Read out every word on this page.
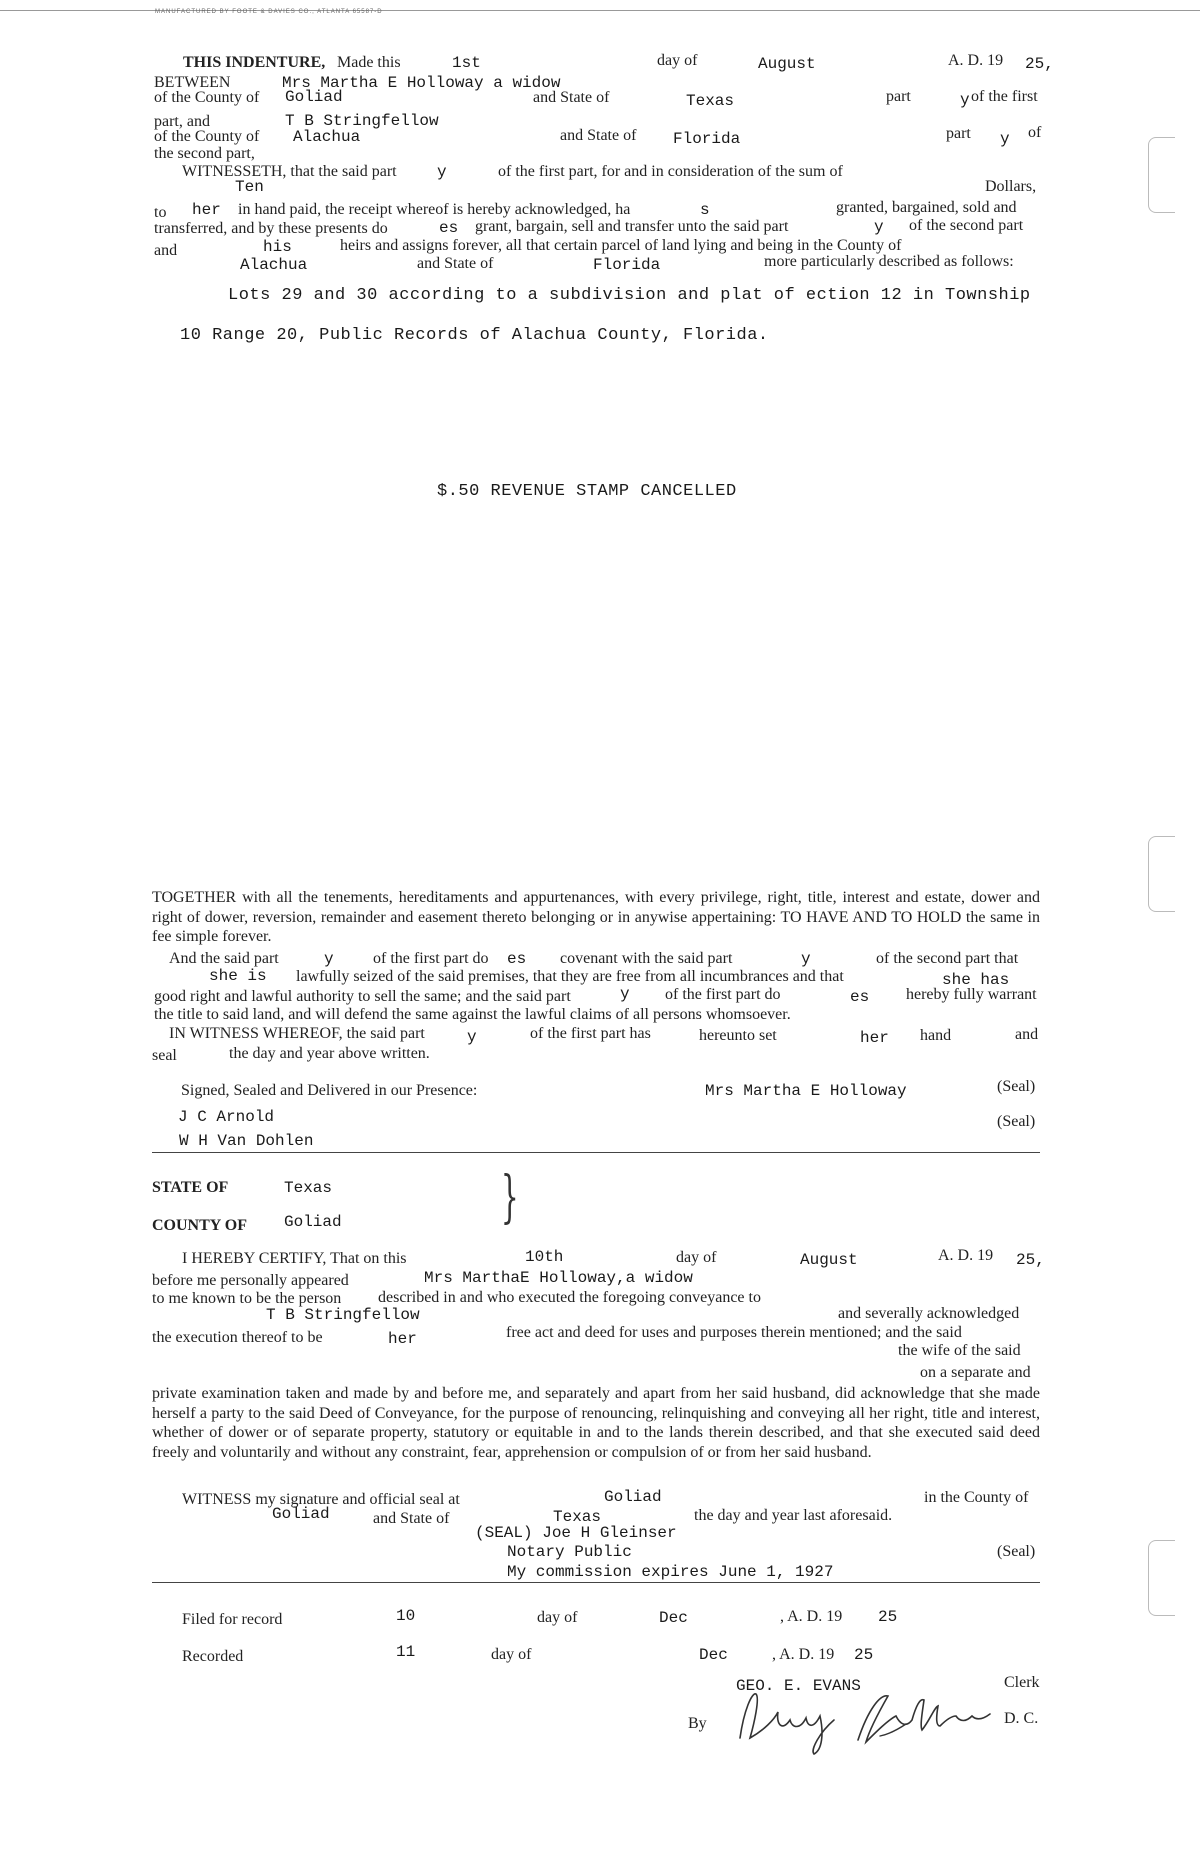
MANUFACTURED BY FOOTE & DAVIES CO., ATLANTA 65587-D
THIS INDENTURE, Made this	1st	day of	August	A. D. 19 25,
BETWEEN	Mrs Martha E Holloway a widow
of the County of Goliad	and State of	Texas	part	y of the first
part, and	T B Stringfellow
of the County of Alachua	and State of Florida	part y of
the second part,
WITNESSETH, that the said part	y	of the first part, for and in consideration of the sum of
Ten	Dollars,
to her in hand paid, the receipt whereof is hereby acknowledged, ha	s	granted, bargained, sold and
transferred, and by these presents do	es grant, bargain, sell and transfer unto the said part	y of the second part
and	his	heirs and assigns forever, all that certain parcel of land lying and being in the County of
Alachua	and State of	Florida	more particularly described as follows:
Lots 29 and 30 according to a subdivision and plat of ection 12 in Township
10 Range 20, Public Records of Alachua County, Florida.
$.50 REVENUE STAMP CANCELLED
TOGETHER with all the tenements, hereditaments and appurtenances, with every privilege, right, title, interest and estate, dower and right of dower, reversion, remainder and easement thereto belonging or in anywise appertaining: TO HAVE AND TO HOLD the same in fee simple forever.
And the said part	y of the first part do es covenant with the said part	y	of the second part that
she is lawfully seized of the said premises, that they are free from all incumbrances and that	she has
good right and lawful authority to sell the same; and the said part	y of the first part do	es hereby fully warrant
the title to said land, and will defend the same against the lawful claims of all persons whomsoever.
IN WITNESS WHEREOF, the said part	y	of the first part has	hereunto set	her hand	and
seal	the day and year above written.
Signed, Sealed and Delivered in our Presence:	Mrs Martha E Holloway	(Seal)
(Seal)
J C Arnold
W H Van Dohlen
STATE OF	Texas
COUNTY OF Goliad	}
I HEREBY CERTIFY, That on this	10th	day of	August	A. D. 19 25,
before me personally appeared	Mrs MarthaE Holloway,a widow
to me known to be the person described in and who executed the foregoing conveyance to
T B Stringfellow	and severally acknowledged
the execution thereof to be	her	free act and deed for uses and purposes therein mentioned; and the said
the wife of the said
on a separate and
private examination taken and made by and before me, and separately and apart from her said husband, did acknowledge that she made herself a party to the said Deed of Conveyance, for the purpose of renouncing, relinquishing and conveying all her right, title and interest, whether of dower or of separate property, statutory or equitable in and to the lands therein described, and that she executed said deed freely and voluntarily and without any constraint, fear, apprehension or compulsion of or from her said husband.
WITNESS my signature and official seal at	Goliad	in the County of
Goliad	and State of	Texas	the day and year last aforesaid.
(SEAL) Joe H Gleinser
Notary Public	(Seal)
My commission expires June 1, 1927
Filed for record	10	day of	Dec	, A. D. 19 25
Recorded	11	day of	Dec	, A. D. 19 25
GEO. E. EVANS	Clerk
By	D. C.
